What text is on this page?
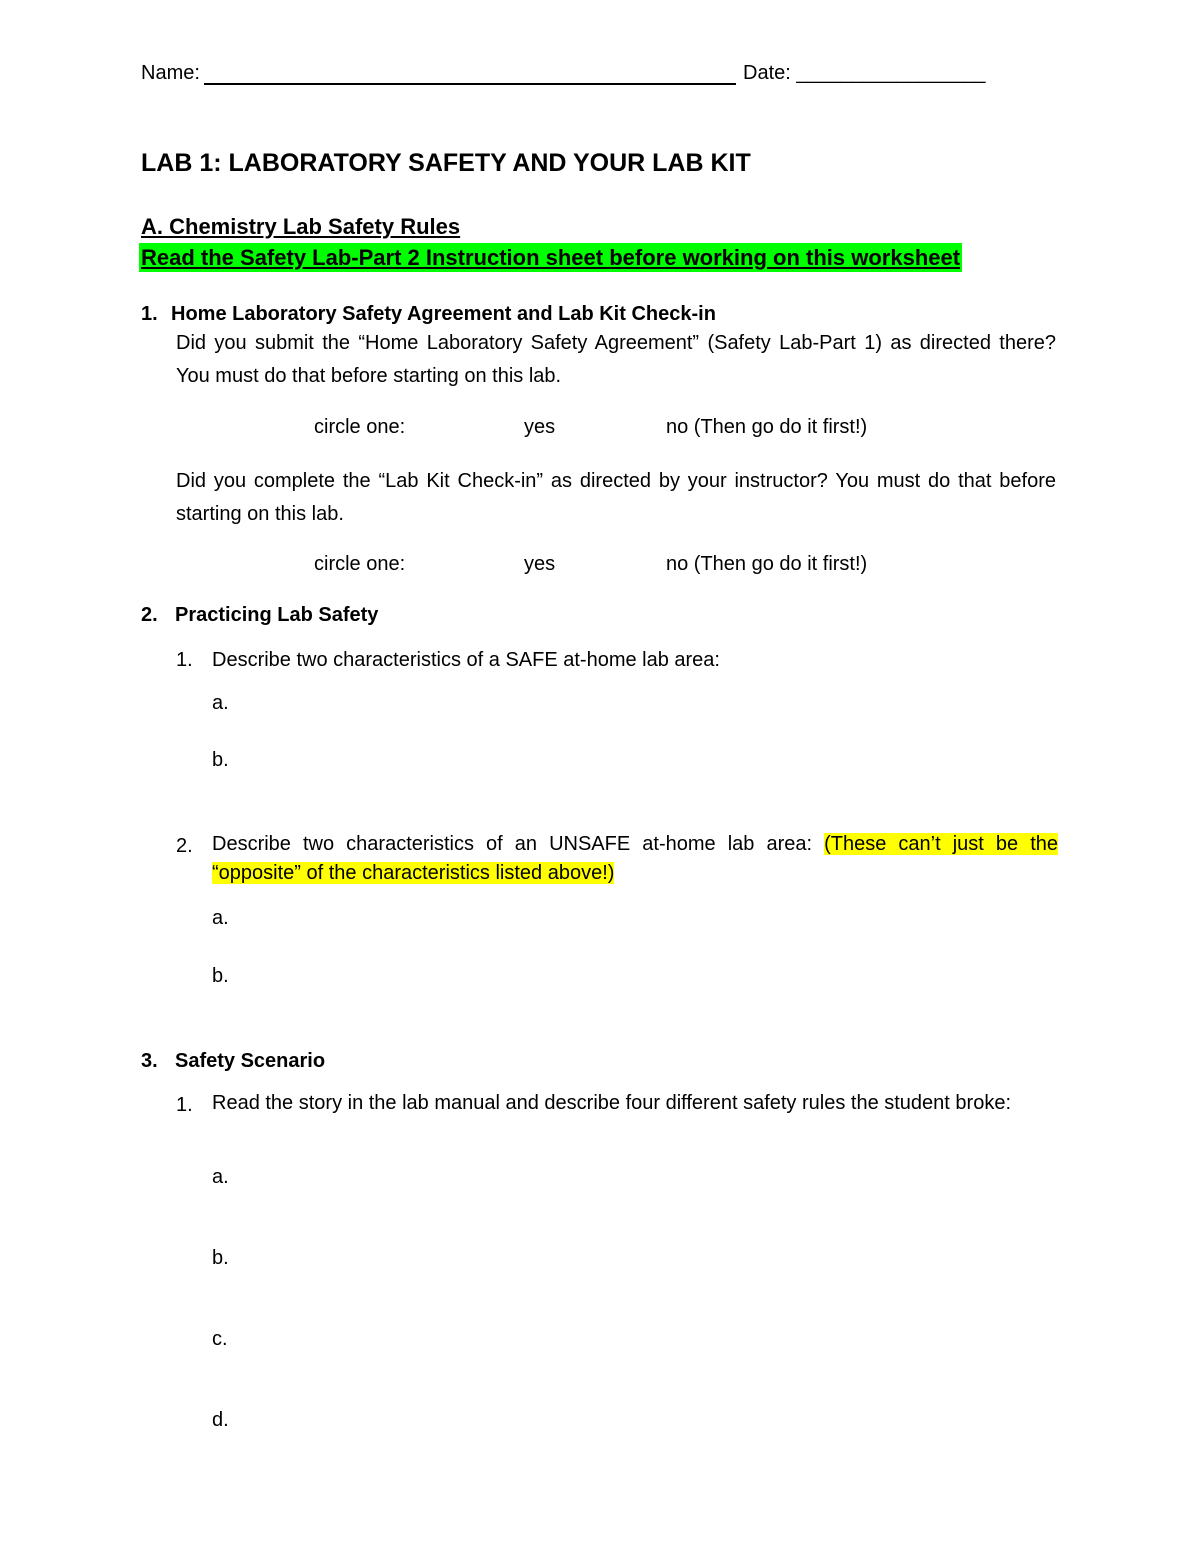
Name:	Date: _________________
LAB 1: LABORATORY SAFETY AND YOUR LAB KIT
A. Chemistry Lab Safety Rules
Read the Safety Lab-Part 2 Instruction sheet before working on this worksheet
1. Home Laboratory Safety Agreement and Lab Kit Check-in
Did you submit the “Home Laboratory Safety Agreement” (Safety Lab-Part 1) as directed there? You must do that before starting on this lab.
circle one:	yes	no (Then go do it first!)
Did you complete the “Lab Kit Check-in” as directed by your instructor? You must do that before starting on this lab.
circle one:	yes	no (Then go do it first!)
2. Practicing Lab Safety
1. Describe two characteristics of a SAFE at-home lab area:
a.
b.
2. Describe two characteristics of an UNSAFE at-home lab area: (These can’t just be the “opposite” of the characteristics listed above!)
a.
b.
3. Safety Scenario
1. Read the story in the lab manual and describe four different safety rules the student broke:
a.
b.
c.
d.
